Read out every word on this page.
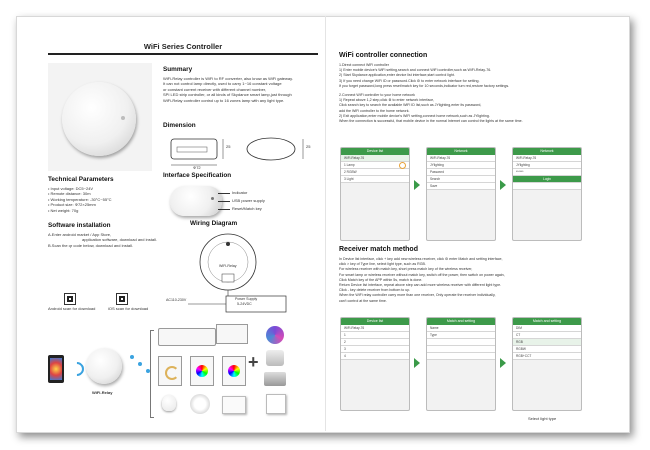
WiFi Series Controller
Summary
WiFi-Relay controller is WiFi to RF converter, also know as WiFi gateway.
It can not control lamp directly, used to carry 1~16 constant voltage
or constant current receiver with different channel number,
SPI LED strip controller, or all kinds of Skydance smart lamp,just through
WiFi-Relay controller control up to 16 zones lamp with any light type.
Dimension
Φ72
25	25
Technical Parameters
• Input voltage: DC5~24V
• Remote distance: 30m
• Working temperature: -30°C~55°C
• Product size: Φ72×25mm
• Net weight: 70g
Interface Specification
Indicator
USB power supply
Reset/Match key
Software installation
A.Enter android market / App Store,
application software, download and install.
B.Scan the qr code below, download and install.
Wiring Diagram
WiFi-Relay
AC110-230V	Power Supply
5-24VDC
Android scan for download	iOS scan for download
WiFi-Relay
+
WiFi controller connection
1.Direct connect WiFi controller
1) Enter mobile device's WiFi setting,search and connect WiFi controller,such as WiFi-Relay-76.
2) Start Skydance application,enter device list interface,start control light.
3) If you need change WiFi ID or password.Click ⚙ to enter network interface for setting.
If you forget password,long press reset/match key for 10 seconds,indicator turn red,restore factory settings.
2.Connect WiFi controller to your home network
1) Repeat above 1,2 step,click ⚙ to enter network interface,
Click search key to search the available WiFi ID list,such as JYlighting,enter its password,
add the WiFi controller to the home network.
2) Exit application,enter mobile device's WiFi setting,connect home network,such as JYlighting.
When the connection is successful, that mobile device in the normal Internet can control the lights at the same time.
Device list
WiFi-Relay-76
1 Lamp
2 RGBW
3 Light
Network
WiFi-Relay-76
JYlighting
Password
Search
Save
Network
WiFi-Relay-76
JYlighting
******
Login
Receiver match method
In Device list interface, click + key add new wireless receiver, click ⚙ enter Match and setting interface,
click > key of Type line, select light type, such as RGB.
For wireless receiver with match key, short press match key of the wireless receiver,
For smart lamp or wireless receiver without match key, switch off the power, then switch on power again,
Click Match key of the APP within 5s, match is done.
Return Device list interface, repeat above step can add more wireless receiver with different light type.
Click - key delete receiver from bottom to up.
When the WiFi relay controller carry more than one receiver, Only operate the receiver individually,
can't control at the same time.
Device list
WiFi-Relay-76
1
2
3
4
Match and setting
Name
Type
Match and setting
DIM
CT
RGB
RGBW
RGB+CCT
Select light type
